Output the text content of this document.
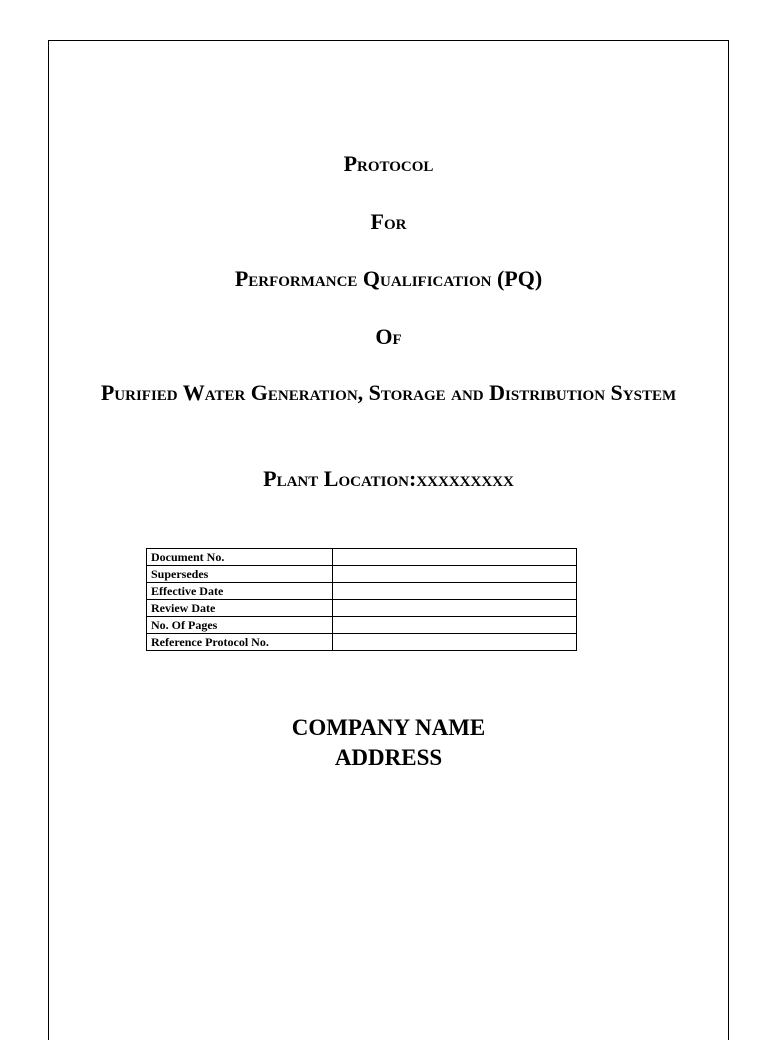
Protocol
For
Performance Qualification (PQ)
Of
Purified Water Generation, Storage and Distribution System
Plant Location:xxxxxxxxx
Document No.	
Supersedes	
Effective Date	
Review Date	
No. Of Pages	
Reference Protocol No.	
COMPANY NAME
ADDRESS
